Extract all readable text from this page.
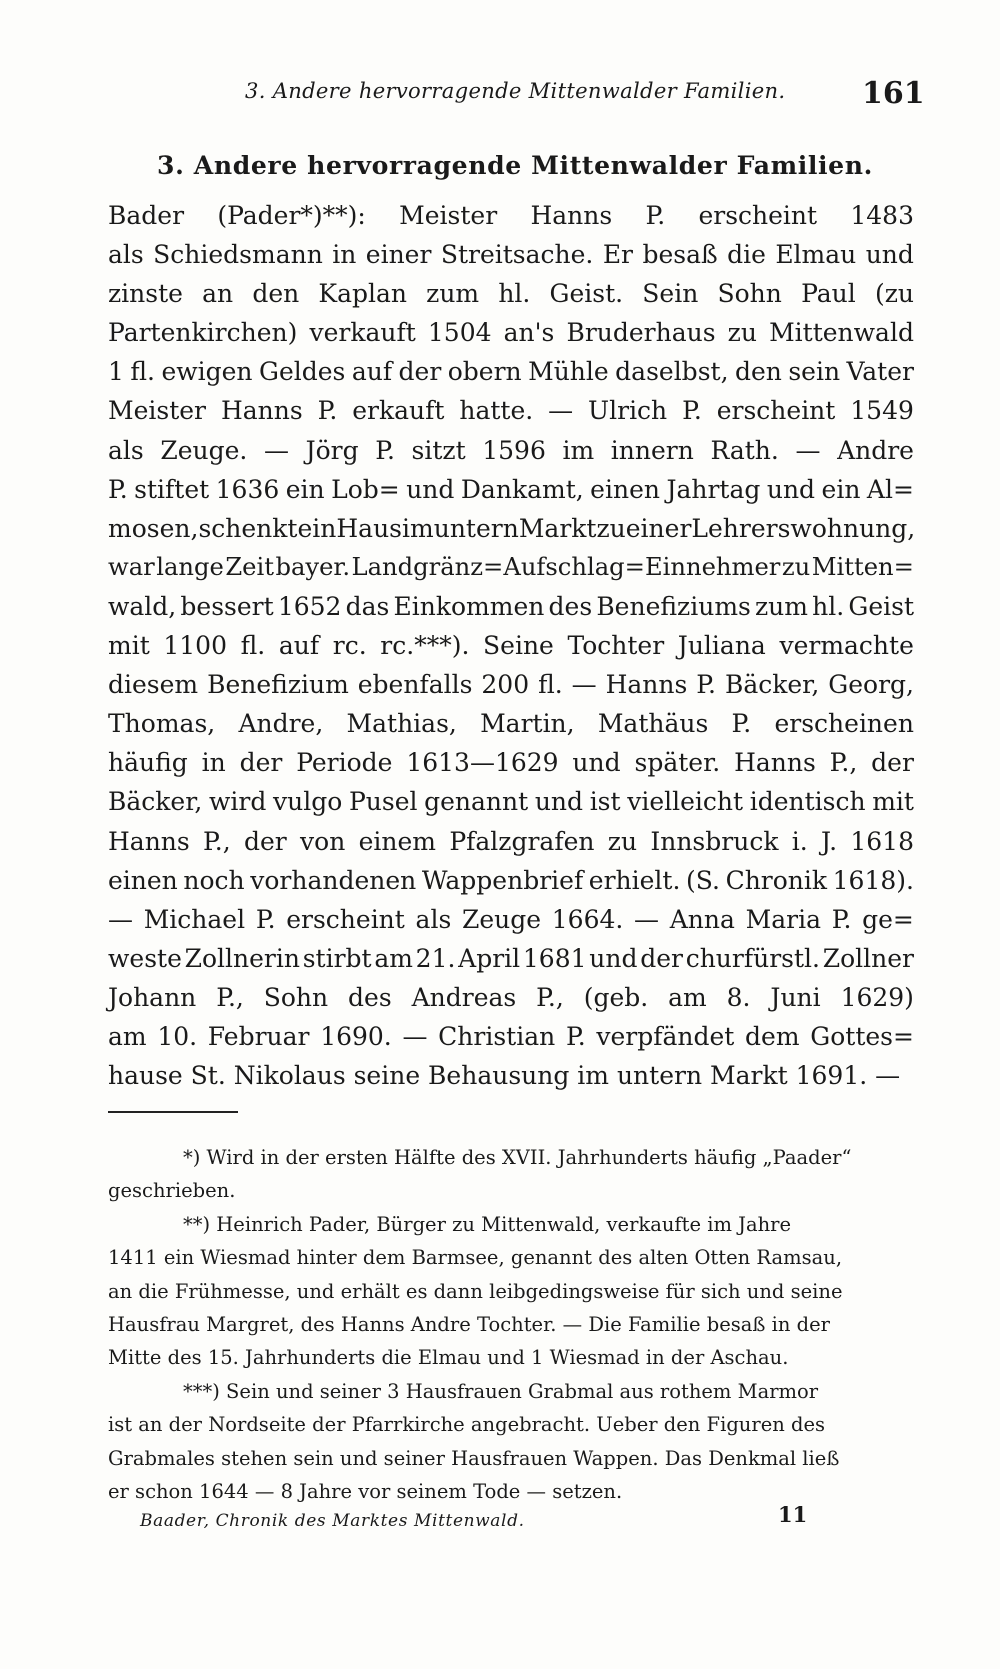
3. Andere hervorragende Mittenwalder Familien.	161
3. Andere hervorragende Mittenwalder Familien.
Bader (Pader*)**): Meister Hanns P. erscheint 1483
als Schiedsmann in einer Streitsache. Er besaß die Elmau und
zinste an den Kaplan zum hl. Geist. Sein Sohn Paul (zu
Partenkirchen) verkauft 1504 an's Bruderhaus zu Mittenwald
1 fl. ewigen Geldes auf der obern Mühle daselbst, den sein Vater
Meister Hanns P. erkauft hatte. — Ulrich P. erscheint 1549
als Zeuge. — Jörg P. sitzt 1596 im innern Rath. — Andre
P. stiftet 1636 ein Lob= und Dankamt, einen Jahrtag und ein Al=
mosen, schenkt ein Haus im untern Markt zu einer Lehrerswohnung,
war lange Zeit bayer. Landgränz=Aufschlag=Einnehmer zu Mitten=
wald, bessert 1652 das Einkommen des Benefiziums zum hl. Geist
mit 1100 fl. auf rc. rc.***). Seine Tochter Juliana vermachte
diesem Benefizium ebenfalls 200 fl. — Hanns P. Bäcker, Georg,
Thomas, Andre, Mathias, Martin, Mathäus P. erscheinen
häufig in der Periode 1613—1629 und später. Hanns P., der
Bäcker, wird vulgo Pusel genannt und ist vielleicht identisch mit
Hanns P., der von einem Pfalzgrafen zu Innsbruck i. J. 1618
einen noch vorhandenen Wappenbrief erhielt. (S. Chronik 1618).
— Michael P. erscheint als Zeuge 1664. — Anna Maria P. ge=
weste Zollnerin stirbt am 21. April 1681 und der churfürstl. Zollner
Johann P., Sohn des Andreas P., (geb. am 8. Juni 1629)
am 10. Februar 1690. — Christian P. verpfändet dem Gottes=
hause St. Nikolaus seine Behausung im untern Markt 1691. —
*) Wird in der ersten Hälfte des XVII. Jahrhunderts häufig „Paader“
geschrieben.
**) Heinrich Pader, Bürger zu Mittenwald, verkaufte im Jahre
1411 ein Wiesmad hinter dem Barmsee, genannt des alten Otten Ramsau,
an die Frühmesse, und erhält es dann leibgedingsweise für sich und seine
Hausfrau Margret, des Hanns Andre Tochter. — Die Familie besaß in der
Mitte des 15. Jahrhunderts die Elmau und 1 Wiesmad in der Aschau.
***) Sein und seiner 3 Hausfrauen Grabmal aus rothem Marmor
ist an der Nordseite der Pfarrkirche angebracht. Ueber den Figuren des
Grabmales stehen sein und seiner Hausfrauen Wappen. Das Denkmal ließ
er schon 1644 — 8 Jahre vor seinem Tode — setzen.
Baader, Chronik des Marktes Mittenwald.	11
